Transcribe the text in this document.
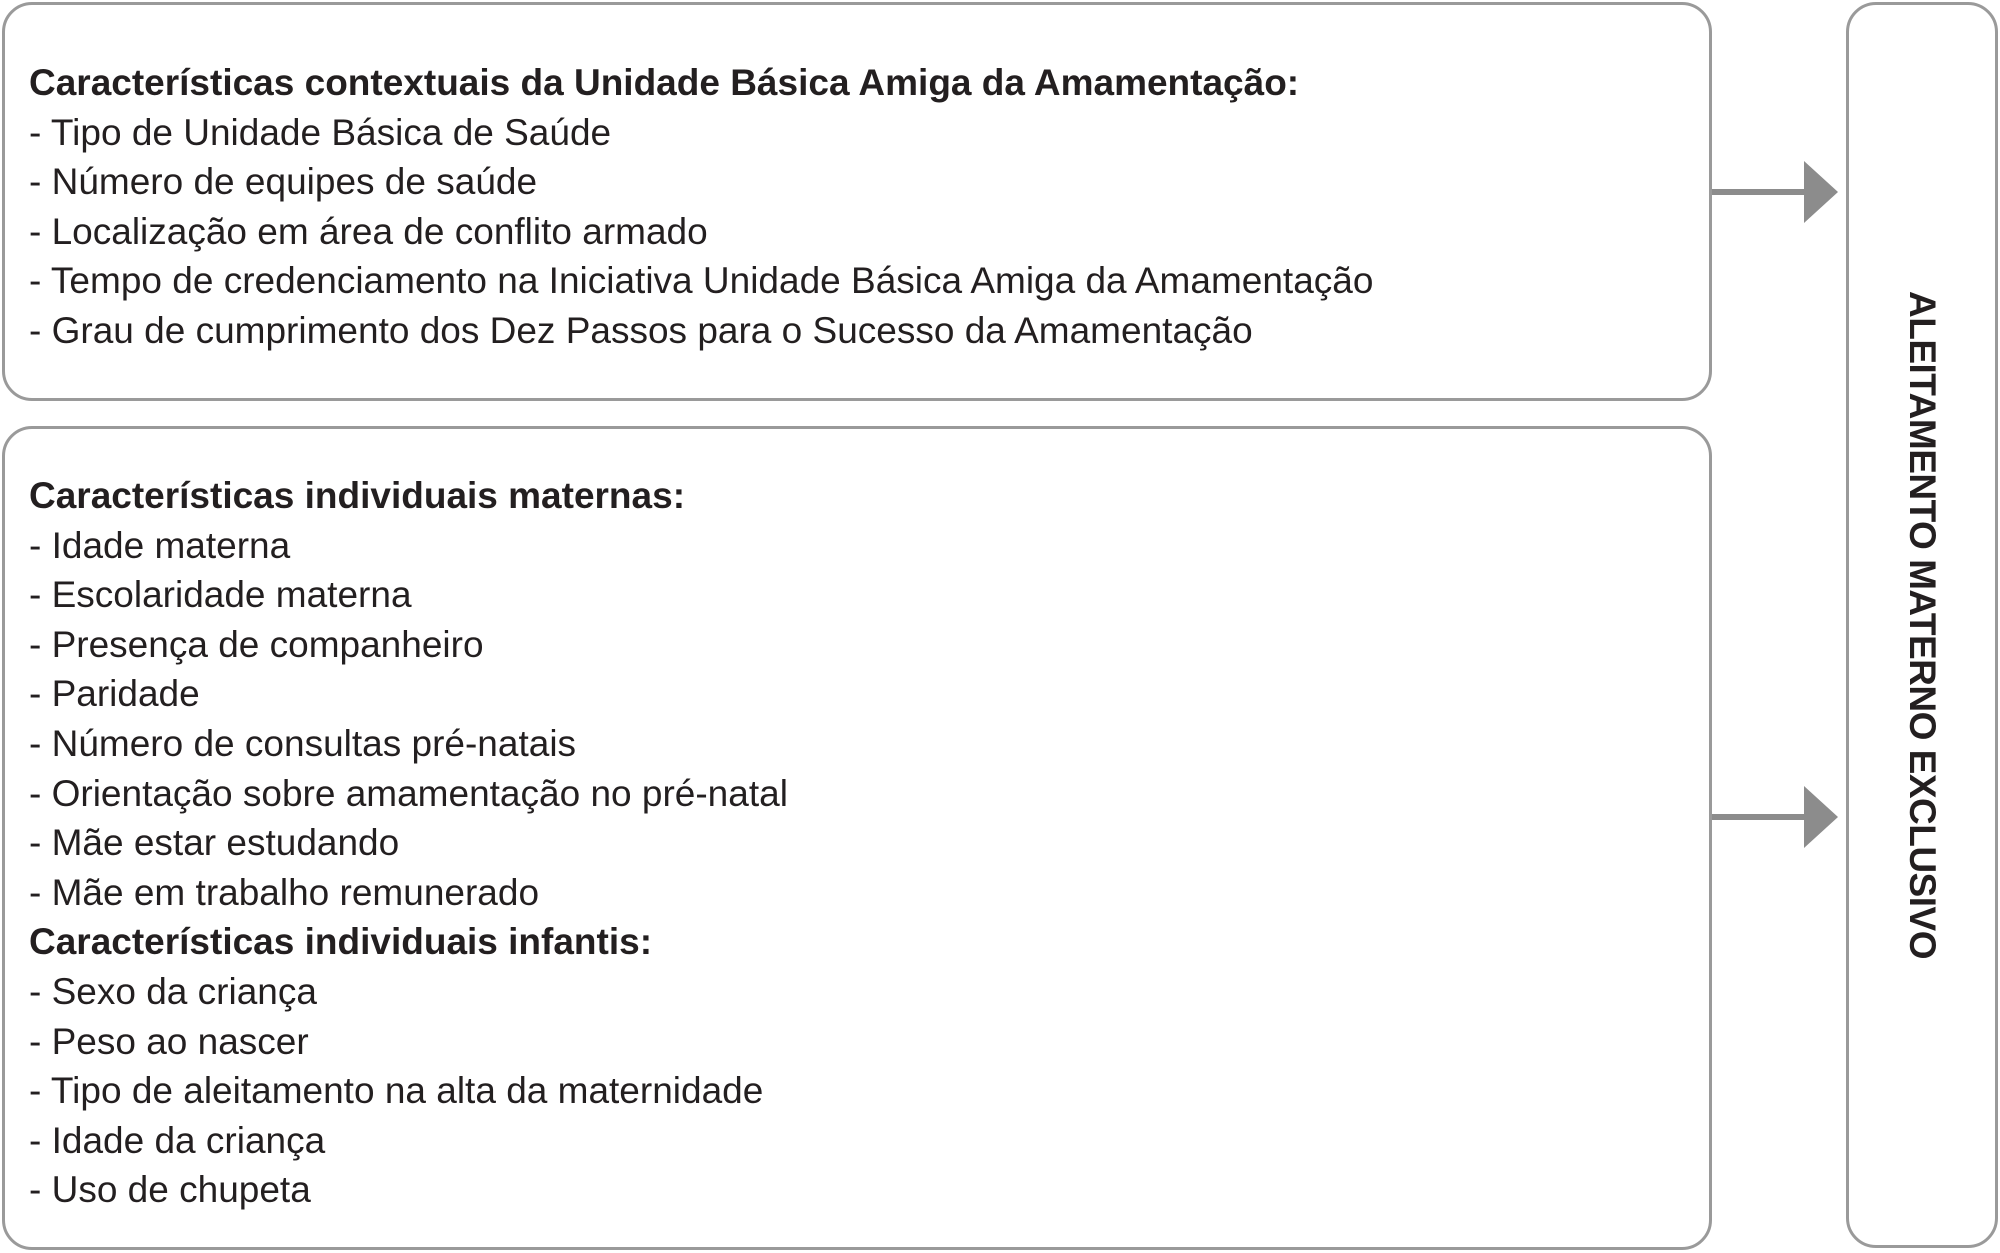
Características contextuais da Unidade Básica Amiga da Amamentação:
- Tipo de Unidade Básica de Saúde
- Número de equipes de saúde
- Localização em área de conflito armado
- Tempo de credenciamento na Iniciativa Unidade Básica Amiga da Amamentação
- Grau de cumprimento dos Dez Passos para o Sucesso da Amamentação
Características individuais maternas:
- Idade materna
- Escolaridade materna
- Presença de companheiro
- Paridade
- Número de consultas pré-natais
- Orientação sobre amamentação no pré-natal
- Mãe estar estudando
- Mãe em trabalho remunerado
Características individuais infantis:
- Sexo da criança
- Peso ao nascer
- Tipo de aleitamento na alta da maternidade
- Idade da criança
- Uso de chupeta
ALEITAMENTO MATERNO EXCLUSIVO
